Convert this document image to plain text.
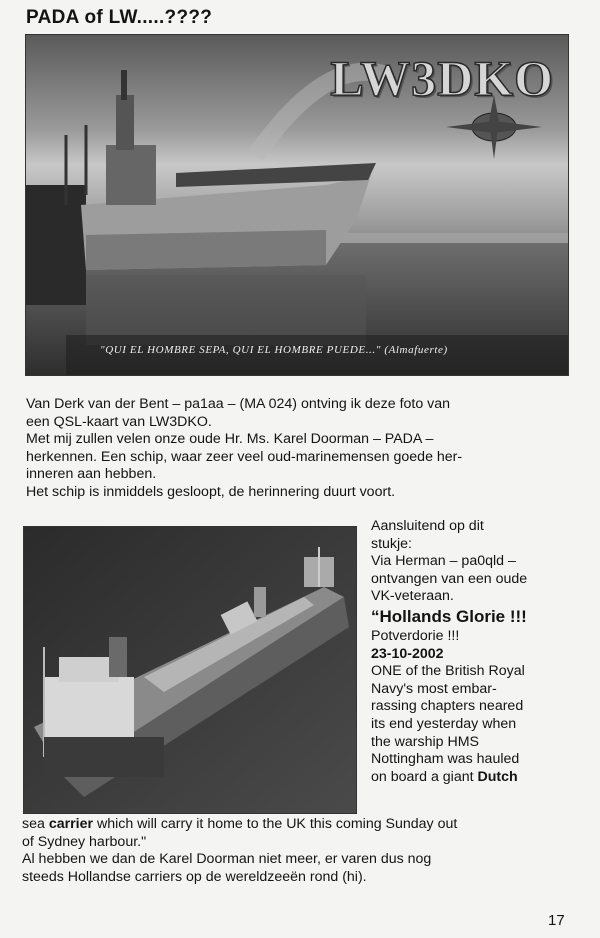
PADA of LW.....????
LW3DKO
"QUI EL HOMBRE SEPA, QUI EL HOMBRE PUEDE..." (Almafuerte)
Van Derk van der Bent – pa1aa – (MA 024) ontving ik deze foto van
een QSL-kaart van LW3DKO.
Met mij zullen velen onze oude Hr. Ms. Karel Doorman – PADA –
herkennen. Een schip, waar zeer veel oud-marinemensen goede her-
inneren aan hebben.
Het schip is inmiddels gesloopt, de herinnering duurt voort.
Aansluitend op dit
stukje:
Via Herman – pa0qld –
ontvangen van een oude
VK-veteraan.
“Hollands Glorie !!!
Potverdorie !!!
23-10-2002
ONE of the British Royal
Navy's most embar-
rassing chapters neared
its end yesterday when
the warship HMS
Nottingham was hauled
on board a giant Dutch
sea carrier which will carry it home to the UK this coming Sunday out
of Sydney harbour."
Al hebben we dan de Karel Doorman niet meer, er varen dus nog
steeds Hollandse carriers op de wereldzeeën rond (hi).
17
